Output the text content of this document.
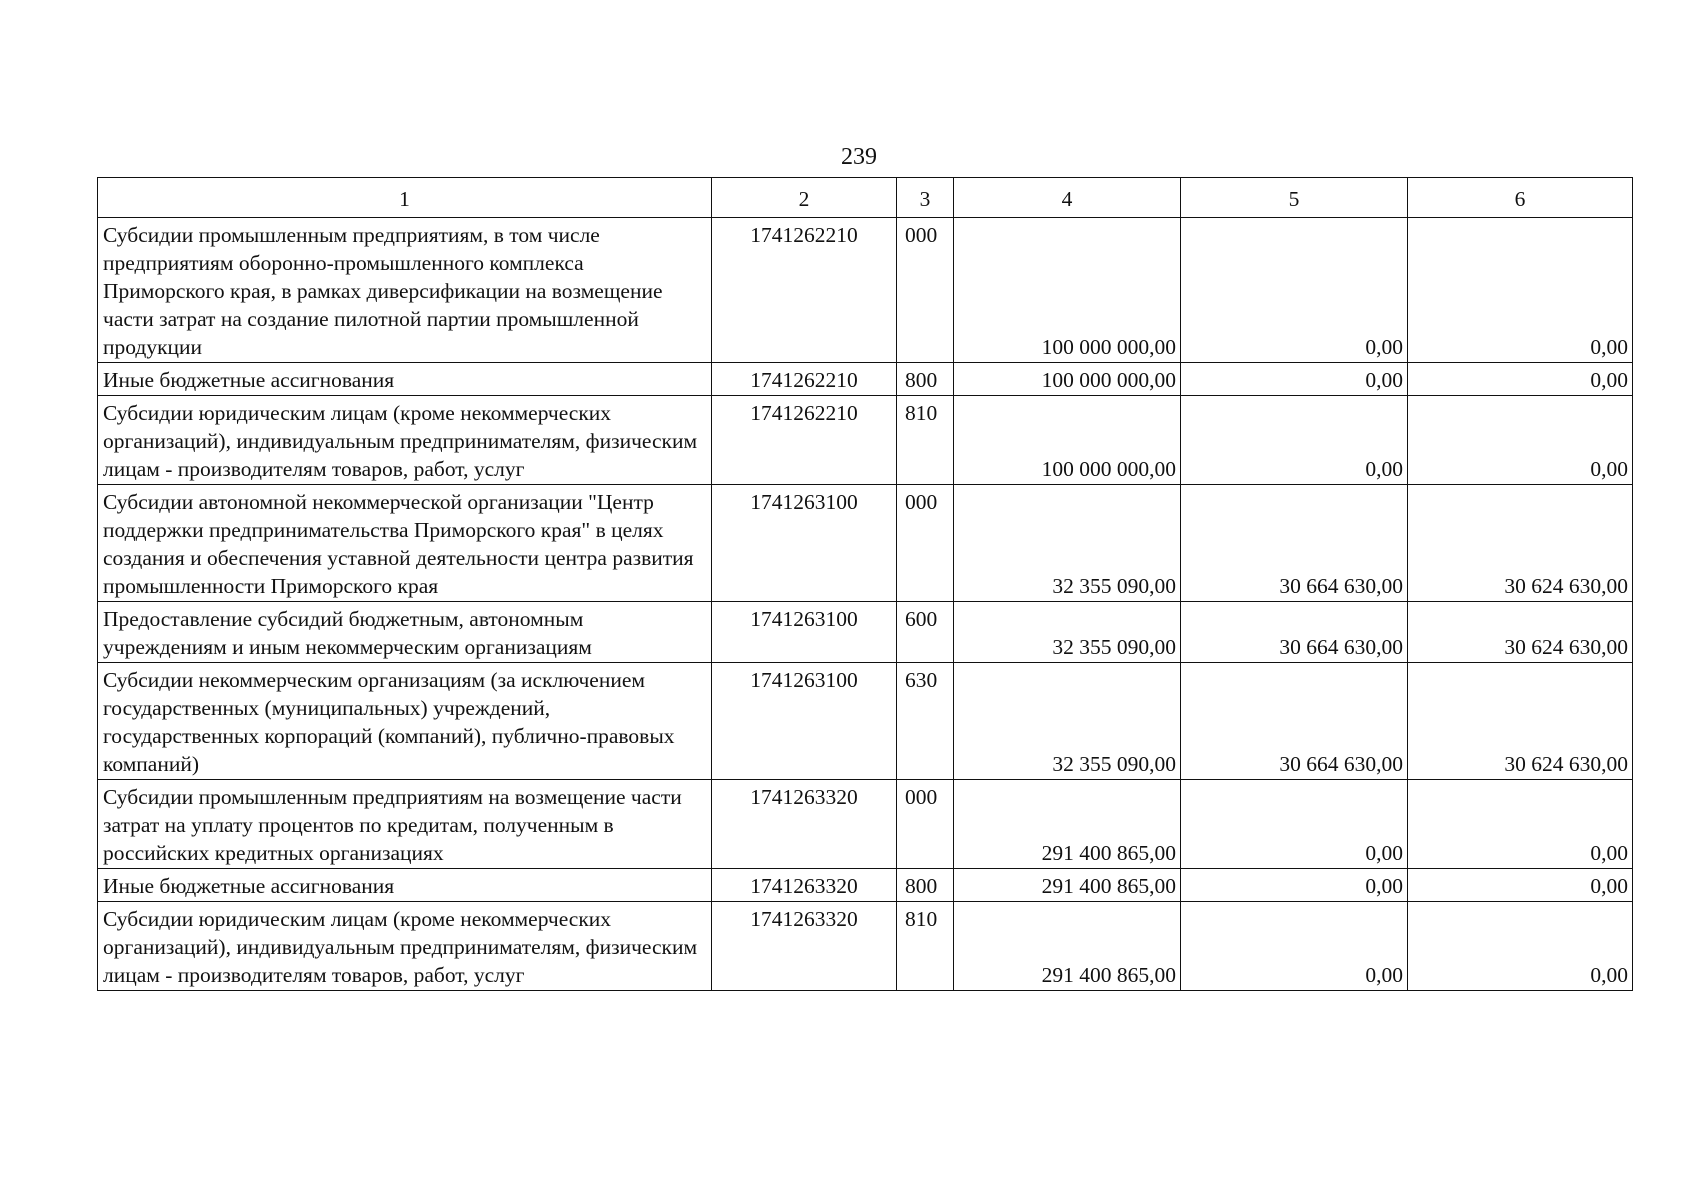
239
1	2	3	4	5	6
Субсидии промышленным предприятиям, в том числе предприятиям оборонно-промышленного комплекса Приморского края, в рамках диверсификации на возмещение части затрат на создание пилотной партии промышленной продукции	1741262210	000	100 000 000,00	0,00	0,00
Иные бюджетные ассигнования	1741262210	800	100 000 000,00	0,00	0,00
Субсидии юридическим лицам (кроме некоммерческих организаций), индивидуальным предпринимателям, физическим лицам - производителям товаров, работ, услуг	1741262210	810	100 000 000,00	0,00	0,00
Субсидии автономной некоммерческой организации "Центр поддержки предпринимательства Приморского края" в целях создания и обеспечения уставной деятельности центра развития промышленности Приморского края	1741263100	000	32 355 090,00	30 664 630,00	30 624 630,00
Предоставление субсидий бюджетным, автономным учреждениям и иным некоммерческим организациям	1741263100	600	32 355 090,00	30 664 630,00	30 624 630,00
Субсидии некоммерческим организациям (за исключением государственных (муниципальных) учреждений, государственных корпораций (компаний), публично-правовых компаний)	1741263100	630	32 355 090,00	30 664 630,00	30 624 630,00
Субсидии промышленным предприятиям на возмещение части затрат на уплату процентов по кредитам, полученным в российских кредитных организациях	1741263320	000	291 400 865,00	0,00	0,00
Иные бюджетные ассигнования	1741263320	800	291 400 865,00	0,00	0,00
Субсидии юридическим лицам (кроме некоммерческих организаций), индивидуальным предпринимателям, физическим лицам - производителям товаров, работ, услуг	1741263320	810	291 400 865,00	0,00	0,00
